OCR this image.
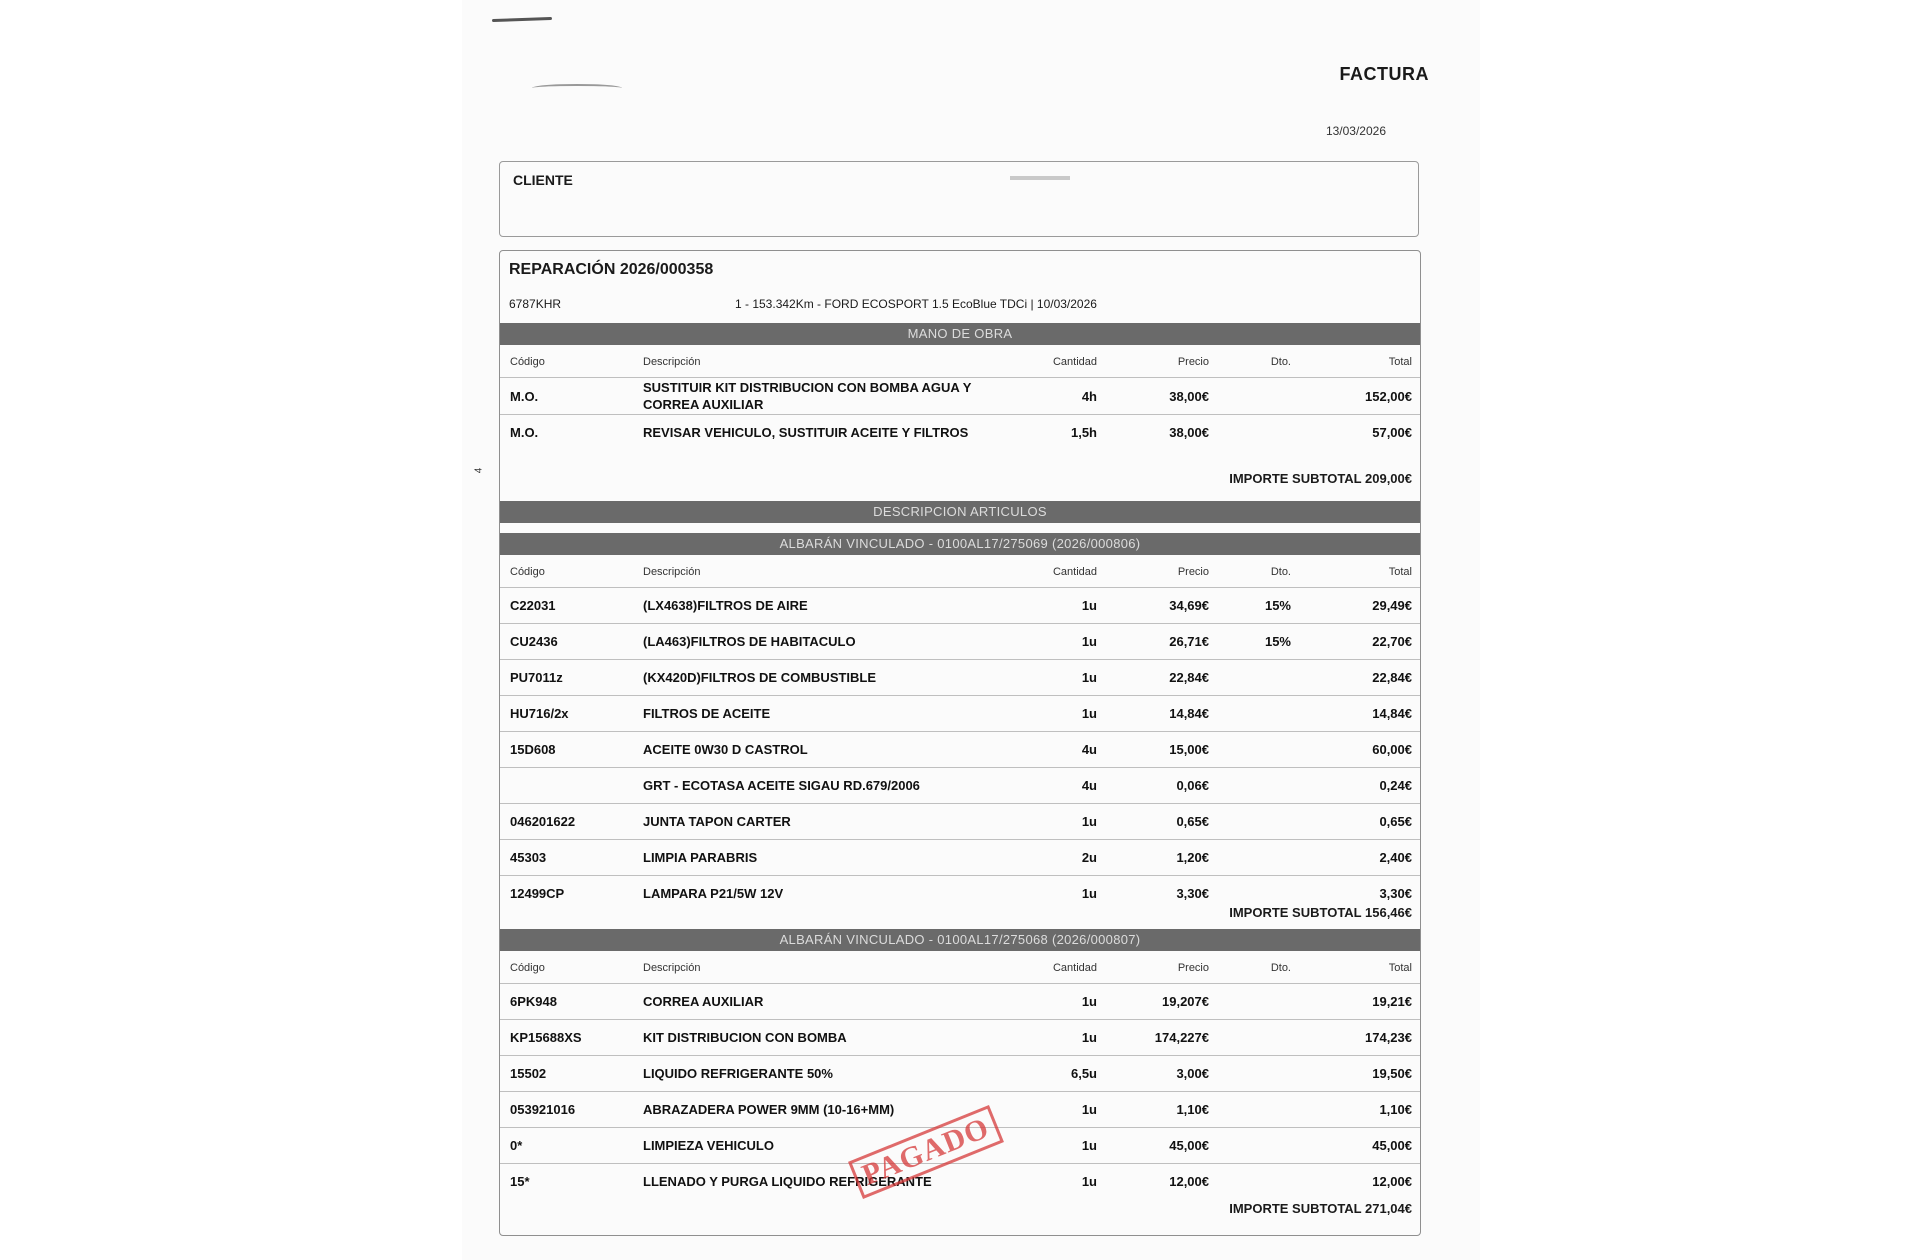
FACTURA
13/03/2026
CLIENTE
4
REPARACIÓN 2026/000358
6787KHR	1 - 153.342Km - FORD ECOSPORT 1.5 EcoBlue TDCi | 10/03/2026
MANO DE OBRA
Código	Descripción	Cantidad	Precio	Dto.	Total
M.O.	SUSTITUIR KIT DISTRIBUCION CON BOMBA AGUA Y CORREA AUXILIAR	4h	38,00€		152,00€
M.O.	REVISAR VEHICULO, SUSTITUIR ACEITE Y FILTROS	1,5h	38,00€		57,00€
IMPORTE SUBTOTAL 209,00€
DESCRIPCION ARTICULOS
ALBARÁN VINCULADO - 0100AL17/275069 (2026/000806)
Código	Descripción	Cantidad	Precio	Dto.	Total
C22031	(LX4638)FILTROS DE AIRE	1u	34,69€	15%	29,49€
CU2436	(LA463)FILTROS DE HABITACULO	1u	26,71€	15%	22,70€
PU7011z	(KX420D)FILTROS DE COMBUSTIBLE	1u	22,84€		22,84€
HU716/2x	FILTROS DE ACEITE	1u	14,84€		14,84€
15D608	ACEITE 0W30 D CASTROL	4u	15,00€		60,00€
	GRT - ECOTASA ACEITE SIGAU RD.679/2006	4u	0,06€		0,24€
046201622	JUNTA TAPON CARTER	1u	0,65€		0,65€
45303	LIMPIA PARABRIS	2u	1,20€		2,40€
12499CP	LAMPARA P21/5W 12V	1u	3,30€		3,30€
IMPORTE SUBTOTAL 156,46€
ALBARÁN VINCULADO - 0100AL17/275068 (2026/000807)
Código	Descripción	Cantidad	Precio	Dto.	Total
6PK948	CORREA AUXILIAR	1u	19,207€		19,21€
KP15688XS	KIT DISTRIBUCION CON BOMBA	1u	174,227€		174,23€
15502	LIQUIDO REFRIGERANTE 50%	6,5u	3,00€		19,50€
053921016	ABRAZADERA POWER 9MM (10-16+MM)	1u	1,10€		1,10€
0*	LIMPIEZA VEHICULO	1u	45,00€		45,00€
15*	LLENADO Y PURGA LIQUIDO REFRIGERANTE	1u	12,00€		12,00€
IMPORTE SUBTOTAL 271,04€
PAGADO
